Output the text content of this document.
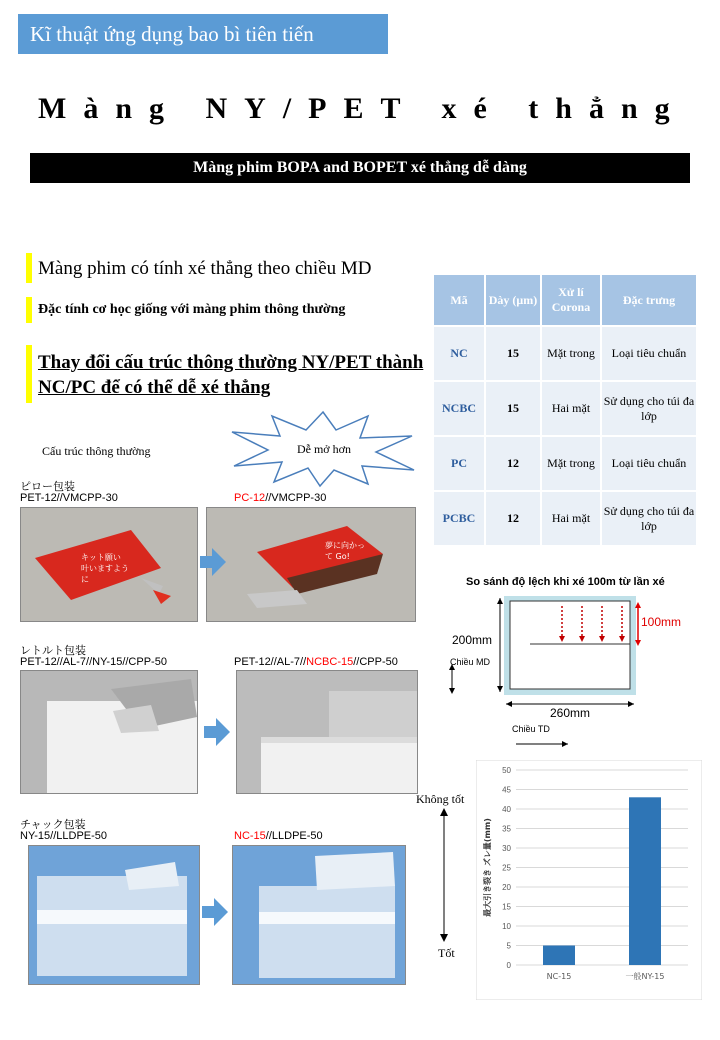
Kĩ thuật ứng dụng bao bì tiên tiến
Màng NY/PET xé thẳng
Màng phim BOPA and BOPET xé thẳng dễ dàng
Màng phim có tính xé thẳng theo chiều MD
Đặc tính cơ học giống với màng phim thông thường
Thay đổi cấu trúc thông thường NY/PET thành NC/PC để có thể dễ xé thẳng
Mã	Dày (μm)	Xử lí Corona	Đặc trưng
NC	15	Mặt trong	Loại tiêu chuẩn
NCBC	15	Hai mặt	Sử dụng cho túi đa lớp
PC	12	Mặt trong	Loại tiêu chuẩn
PCBC	12	Hai mặt	Sử dụng cho túi đa lớp
Cấu trúc thông thường	Dễ mở hơn
ピロー包装
PET-12//VMCPP-30	PC-12//VMCPP-30
キット願い 叶いますように
夢に向かって Go!
レトルト包装
PET-12//AL-7//NY-15//CPP-50	PET-12//AL-7//NCBC-15//CPP-50
チャック包装
NY-15//LLDPE-50	NC-15//LLDPE-50
So sánh độ lệch khi xé 100m từ lần xé
200mm
Chiều MD
100mm
260mm
Chiều TD
Không tốt
Tốt
0
5
10
15
20
25
30
35
40
45
50
NC-15	一般NY-15
最大引き裂き ズレ量(mm)
